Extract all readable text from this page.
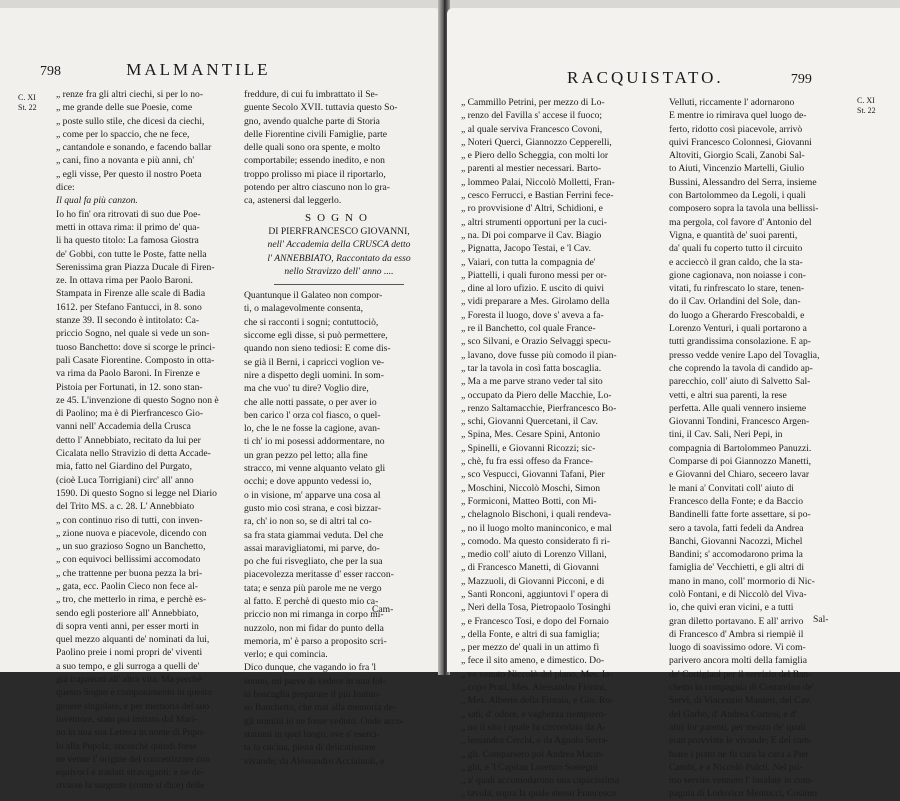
798	MALMANTILE
C. XI
St. 22
„ renze fra gli altri ciechi, si per lo no-
„ me grande delle sue Poesie, come
„ poste sullo stile, che dicesi da ciechi,
„ come per lo spaccio, che ne fece,
„ cantandole e sonando, e facendo ballar
„ cani, fino a novanta e più anni, ch'
„ egli visse, Per questo il nostro Poeta
dice:
Il qual fa più canzon.
Io ho fin' ora ritrovati di suo due Poe-
metti in ottava rima: il primo de' qua-
li ha questo titolo: La famosa Giostra
de' Gobbi, con tutte le Poste, fatte nella
Serenissima gran Piazza Ducale di Firen-
ze. In ottava rima per Paolo Baroni.
Stampata in Firenze alle scale di Badia
1612. per Stefano Fantucci, in 8. sono
stanze 39. Il secondo è intitolato: Ca-
priccio Sogno, nel quale si vede un son-
tuoso Banchetto: dove si scorge le princi-
pali Casate Fiorentine. Composto in otta-
va rima da Paolo Baroni. In Firenze e
Pistoia per Fortunati, in 12. sono stan-
ze 45. L'invenzione di questo Sogno non è
di Paolino; ma è di Pierfrancesco Gio-
vanni nell' Accademia della Crusca
detto l' Annebbiato, recitato da lui per
Cicalata nello Stravizio di detta Accade-
mia, fatto nel Giardino del Purgato,
(cioè Luca Torrigiani) circ' all' anno
1590. Di questo Sogno si legge nel Diario
del Trito MS. a c. 28. L' Annebbiato
„ con continuo riso di tutti, con inven-
„ zione nuova e piacevole, dicendo con
„ un suo grazioso Sogno un Banchetto,
„ con equivoci bellissimi accomodato
„ che trattenne per buona pezza la bri-
„ gata, ecc. Paolin Cieco non fece al-
„ tro, che metterlo in rima, e perchè es-
sendo egli posteriore all' Annebbiato,
di sopra venti anni, per esser morti in
quel mezzo alquanti de' nominati da lui,
Paolino preie i nomi propri de' viventi
a suo tempo, e gli surroga a quelli de'
già trapassati all' altra vita. Ma perchè
questo Sogno e componimento in questo
genere singolare, e per memoria del suo
inventore, stato poi imitato dal Mari-
no in una sua Lettera in nome di Pupo-
lo alla Pupola; ancorchè quindi forse
ne venne l' origine del concettizzare con
equivoci e traslati stravaganti: e ne de-
rivasse la sorgente (come si dice) delle
freddure, di cui fu imbrattato il Se-
guente Secolo XVII. tuttavia questo So-
gno, avendo qualche parte di Storia
delle Fiorentine civili Famiglie, parte
delle quali sono ora spente, e molto
comportabile; essendo inedito, e non
troppo prolisso mi piace il riportarlo,
potendo per altro ciascuno non lo gra-
ca, astenersi dal leggerlo.
SOGNO
DI PIERFRANCESCO GIOVANNI,
nell' Accademia della CRUSCA detto
l' ANNEBBIATO, Raccontato da esso
nello Stravizzo dell' anno ....
Quantunque il Galateo non compor-
ti, o malagevolmente consenta,
che si racconti i sogni; contuttociò,
siccome egli disse, si può permettere,
quando non sieno tediosi: E come dis-
se già il Berni, i capricci voglion ve-
nire a dispetto degli uomini. In som-
ma che vuo' tu dire? Voglio dire,
che alle notti passate, o per aver io
ben carico l' orza col fiasco, o quel-
lo, che le ne fosse la cagione, avan-
ti ch' io mi posessi addormentare, no
un gran pezzo pel letto; alla fine
stracco, mi venne alquanto velato gli
occhi; e dove appunto vedessi io,
o in visione, m' apparve una cosa al
gusto mio così strana, e così bizzar-
ra, ch' io non so, se di altri tal co-
sa fra stata giammai veduta. Del che
assai maravigliatomi, mi parve, do-
po che fui risvegliato, che per la sua
piacevolezza meritasse d' esser raccon-
tata; e senza più parole me ne vergo
al fatto. E perchè di questo mio ca-
priccio non mi rimanga in corpo mi-
nuzzolo, non mi fidar do punto della
memoria, m' è parso a proposito scri-
verlo; e qui comincia.
Dico dunque, che vagando io fra 'l
sonno, mi parve di vedere in una fol-
ta boscaglia preparare il più fontuo-
so Banchetto, che mai alla memoria de-
gli uomini io ne fosse veduto. Onde acco-
statomi in quel luogo, ove s' eserci-
ta la cucina, piena di delicatissime
vivande; da Alessandro Acciaiuoli, e
Cam-
RACQUISTATO.	799
C. XI
St. 22
„ Cammillo Petrini, per mezzo di Lo-
„ renzo del Favilla s' accese il fuoco;
„ al quale serviva Francesco Covoni,
„ Noteri Querci, Giannozzo Cepperelli,
„ e Piero dello Scheggia, con molti lor
„ parenti al mestier necessari. Barto-
„ lommeo Palai, Niccolò Molletti, Fran-
„ cesco Ferrucci, e Bastian Ferrini fece-
„ ro provvisione d' Altri, Schidioni, e
„ altri strumenti opportuni per la cuci-
„ na. Di poi comparve il Cav. Biagio
„ Pignatta, Jacopo Testai, e 'l Cav.
„ Vaiari, con tutta la compagnia de'
„ Piattelli, i quali furono messi per or-
„ dine al loro ufizio. E uscito di quivi
„ vidi preparare a Mes. Girolamo della
„ Foresta il luogo, dove s' aveva a fa-
„ re il Banchetto, col quale France-
„ sco Silvani, e Orazio Selvaggi specu-
„ lavano, dove fusse più comodo il pian-
„ tar la tavola in così fatta boscaglia.
„ Ma a me parve strano veder tal sito
„ occupato da Piero delle Macchie, Lo-
„ renzo Saltamacchie, Pierfrancesco Bo-
„ schi, Giovanni Quercetani, il Cav.
„ Spina, Mes. Cesare Spini, Antonio
„ Spinelli, e Giovanni Ricozzi; sic-
„ chè, fu fra essi offeso da France-
„ sco Vespucci, Giovanni Tafani, Pier
„ Moschini, Niccolò Moschi, Simon
„ Formiconi, Matteo Botti, con Mi-
„ chelagnolo Bischoni, i quali rendeva-
„ no il luogo molto maninconico, e mal
„ comodo. Ma questo considerato fi ri-
„ medio coll' aiuto di Lorenzo Villani,
„ di Francesco Manetti, di Giovanni
„ Mazzuoli, di Giovanni Picconi, e di
„ Santi Ronconi, aggiuntovi l' opera di
„ Neri della Tosa, Pietropaolo Tosinghi
„ e Francesco Tosi, e dopo del Fornaio
„ della Fonte, e altri di sua famiglia;
„ per mezzo de' quali in un attimo fi
„ fece il sito ameno, e dimestico. Do-
„ ve venuto Niccolò del piano, Mes. Ia-
„ copo Prati, Mes. Alessandro Fiorini,
„ Mes. Alberto della Fioraia, e Gio. Ro-
„ sati, d' odore, e vaghezza riempiero-
„ no il sito i quale fu circondato da A-
„ lessandro Cerchi, e da Agnolo Serra-
„ gli. Comparsero poi Andrea Macin-
„ ghi, e 'l Capitan Lorenzo Sostegni
„ a' quali accomodarono una capacissima
„ tavola, sopra la quale stesso Francesco
Velluti, riccamente l' adornarono
E mentre io rimirava quel luogo de-
ferto, ridotto così piacevole, arrivò
quivi Francesco Colonnesi, Giovanni
Altoviti, Giorgio Scali, Zanobi Sal-
to Aiuti, Vincenzio Martelli, Giulio
Bussini, Alessandro del Serra, insieme
con Bartolommeo da Legoli, i quali
composero sopra la tavola una bellissi-
ma pergola, col favore d' Antonio del
Vigna, e quantità de' suoi parenti,
da' quali fu coperto tutto il circuito
e accieccò il gran caldo, che la sta-
gione cagionava, non noiasse i con-
vitati, fu rinfrescato lo stare, tenen-
do il Cav. Orlandini del Sole, dan-
do luogo a Gherardo Frescobaldi, e
Lorenzo Venturi, i quali portarono a
tutti grandissima consolazione. E ap-
presso vedde venire Lapo del Tovaglia,
che coprendo la tavola di candido ap-
parecchio, coll' aiuto di Salvetto Sal-
vetti, e altri sua parenti, la rese
perfetta. Alle quali vennero insieme
Giovanni Tondini, Francesco Argen-
tini, il Cav. Sali, Neri Pepi, in
compagnia di Bartolommeo Panuzzi.
Comparse di poi Giannozzo Manetti,
e Giovanni del Chiaro, seceero lavar
le mani a' Convitati coll' aiuto di
Francesco della Fonte; e da Baccio
Bandinelli fatte forte assettare, si po-
sero a tavola, fatti fedeli da Andrea
Banchi, Giovanni Nacozzi, Michel
Bandini; s' accomodarono prima la
famiglia de' Vecchietti, e gli altri di
mano in mano, coll' mormorio di Nic-
colò Fontani, e di Niccolò del Viva-
io, che quivi eran vicini, e a tutti
gran diletto portavano. E all' arrivo
di Francesco d' Ambra si riempiè il
luogo di soavissimo odore. Vi com-
parivero ancora molti della famiglia
de' Cortigiani per il servizio del Ban-
chetto in compagnia di Costantino de'
Servi, di Vincenzio Manieri, del Cav.
del Garbo, d' Andrea Cortesi, e d'
altri lor parenti, per mezzo de' quali
eran provviste le vivande; E del cam-
biare i piatti ne fu cura la cura a Pier
Cambi, e a Niccolò Pulcti. Nel pri-
mo servito vennero l' insalate in com-
pagnia di Lodovico Mentucci, Cosimo
Sal-
